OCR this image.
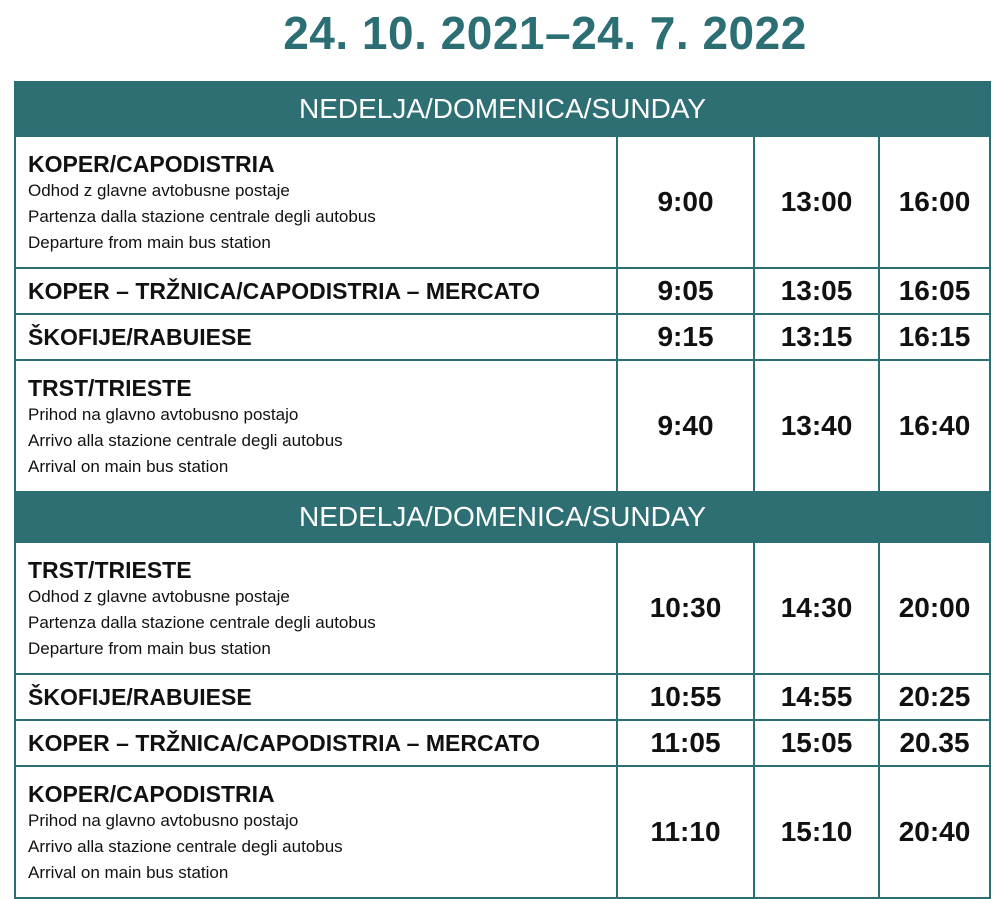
24. 10. 2021–24. 7. 2022
NEDELJA/DOMENICA/SUNDAY			

KOPER/CAPODISTRIA
Odhod z glavne avtobusne postaje
Partenza dalla stazione centrale degli autobus
Departure from main bus station	9:00	13:00	16:00

KOPER – TRŽNICA/CAPODISTRIA – MERCATO	9:05	13:05	16:05

ŠKOFIJE/RABUIESE	9:15	13:15	16:15

TRST/TRIESTE
Prihod na glavno avtobusno postajo
Arrivo alla stazione centrale degli autobus
Arrival on main bus station	9:40	13:40	16:40
NEDELJA/DOMENICA/SUNDAY			

TRST/TRIESTE
Odhod z glavne avtobusne postaje
Partenza dalla stazione centrale degli autobus
Departure from main bus station	10:30	14:30	20:00

ŠKOFIJE/RABUIESE	10:55	14:55	20:25

KOPER – TRŽNICA/CAPODISTRIA – MERCATO	11:05	15:05	20.35

KOPER/CAPODISTRIA
Prihod na glavno avtobusno postajo
Arrivo alla stazione centrale degli autobus
Arrival on main bus station	11:10	15:10	20:40
